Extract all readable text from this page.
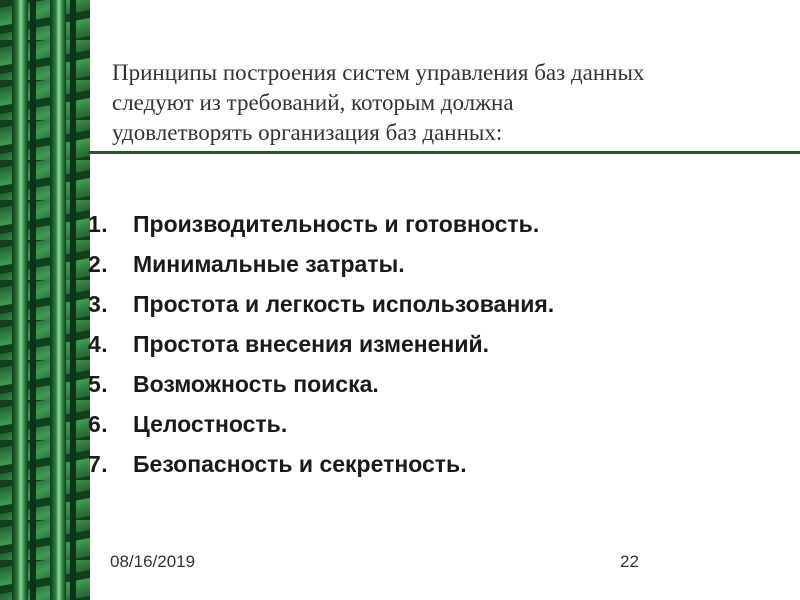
Принципы построения систем управления баз данных
следуют из требований, которым должна
удовлетворять организация баз данных:
1.	Производительность и готовность.
2.	Минимальные затраты.
3.	Простота и легкость использования.
4.	Простота внесения изменений.
5.	Возможность поиска.
6.	Целостность.
7.	Безопасность и секретность.
08/16/2019	22
